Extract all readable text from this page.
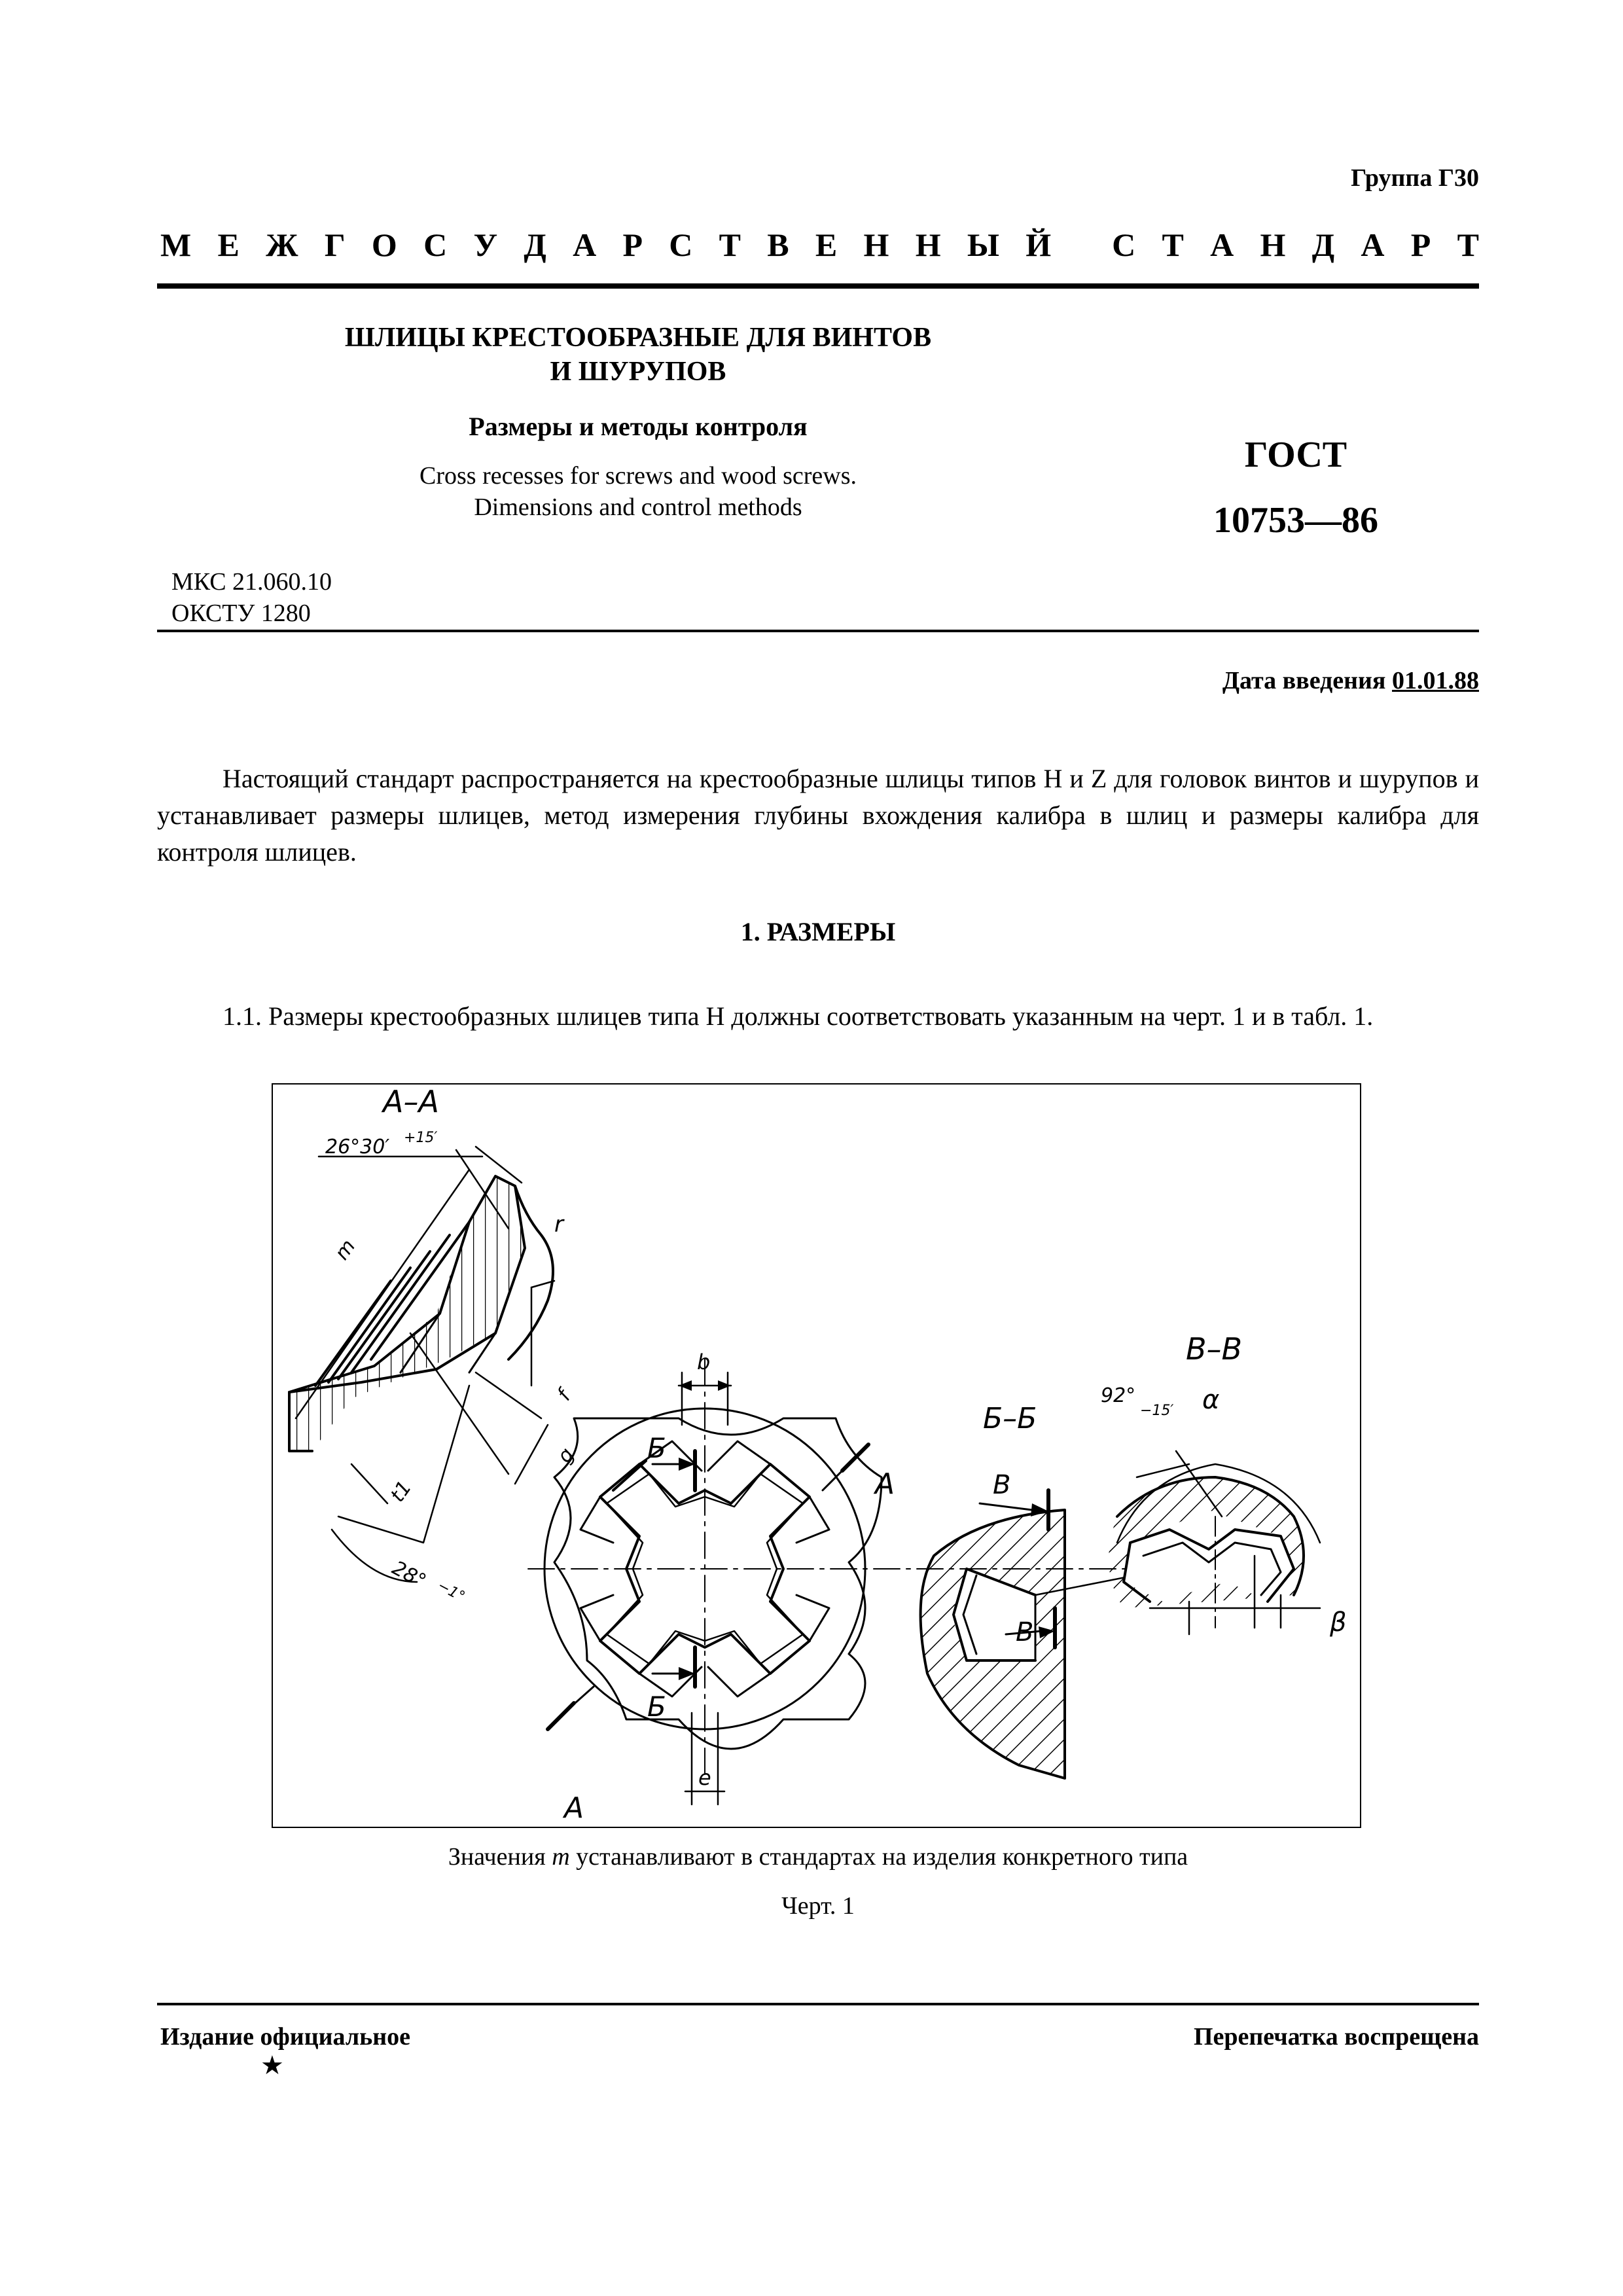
Группа Г30
М Е Ж Г О С У Д А Р С Т В Е Н Н Ы Й
С Т А Н Д А Р Т
ШЛИЦЫ КРЕСТООБРАЗНЫЕ ДЛЯ ВИНТОВ
И ШУРУПОВ
Размеры и методы контроля
Cross recesses for screws and wood screws.
Dimensions and control methods
ГОСТ
10753—86
МКС 21.060.10
ОКСТУ 1280
Дата введения 01.01.88
Настоящий стандарт распространяется на крестообразные шлицы типов Н и Z для головок винтов и шурупов и устанавливает размеры шлицев, метод измерения глубины вхождения калибра в шлиц и размеры калибра для контроля шлицев.
1. РАЗМЕРЫ
1.1. Размеры крестообразных шлицев типа Н должны соответствовать указанным на черт. 1 и в табл. 1.
А–А
26°30′ +15′
r
m
f
g
t1
28° −1°
b
e
Б
Б
А
А
Б–Б
В
В
В–В
92°
−15′ α
β
Значения m устанавливают в стандартах на изделия конкретного типа
Черт. 1
Издание официальное	Перепечатка воспрещена
★
